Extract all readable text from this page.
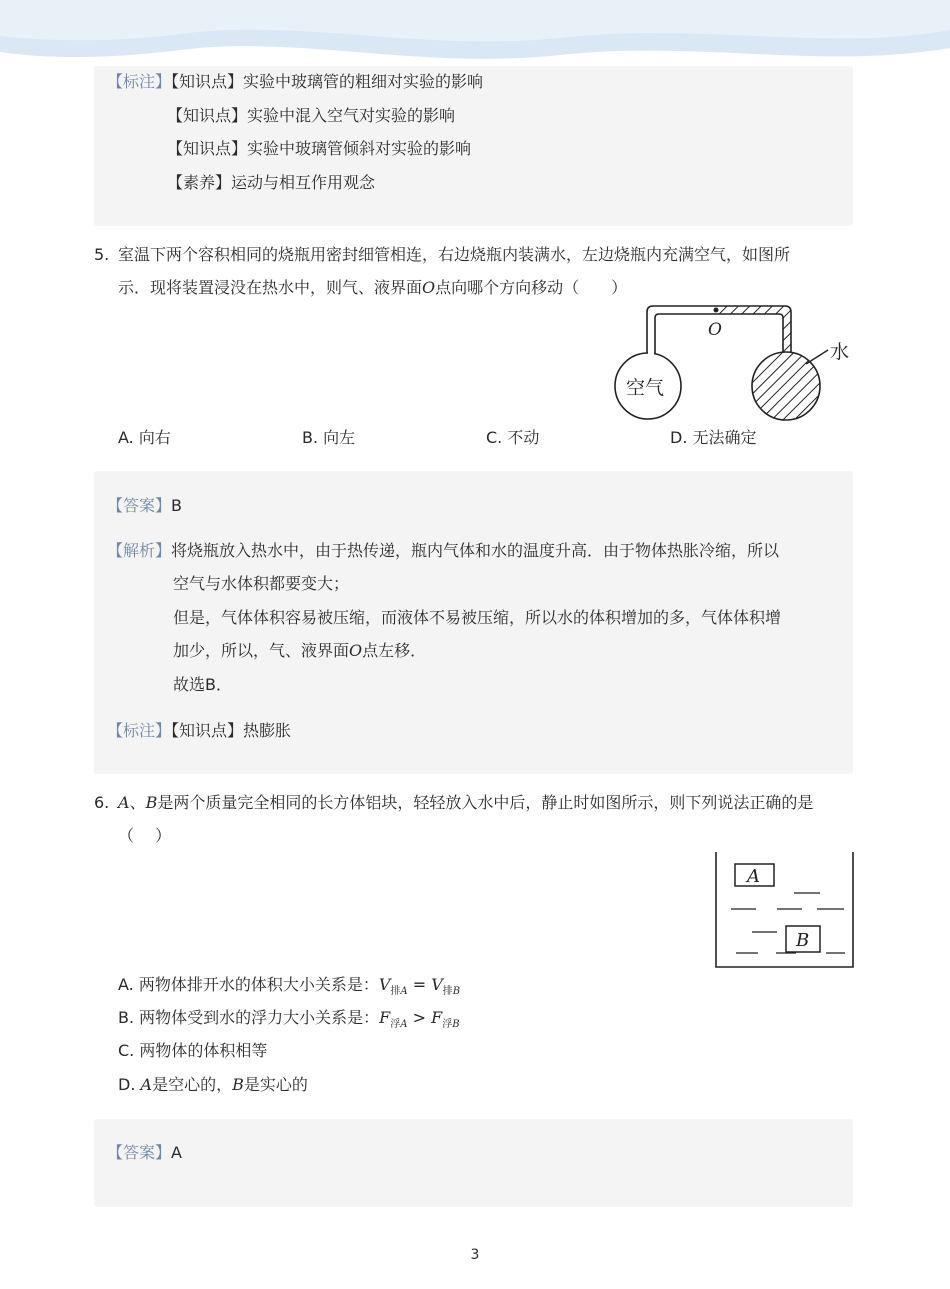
【标注】【知识点】实验中玻璃管的粗细对实验的影响
【知识点】实验中混入空气对实验的影响
【知识点】实验中玻璃管倾斜对实验的影响
【素养】运动与相互作用观念
5. 室温下两个容积相同的烧瓶用密封细管相连，右边烧瓶内装满水，左边烧瓶内充满空气，如图所
示．现将装置浸没在热水中，则气、液界面O点向哪个方向移动（　　）
O
空气
水
A. 向右	B. 向左	C. 不动	D. 无法确定
【答案】B
【解析】将烧瓶放入热水中，由于热传递，瓶内气体和水的温度升高．由于物体热胀冷缩，所以
空气与水体积都要变大；
但是，气体体积容易被压缩，而液体不易被压缩，所以水的体积增加的多，气体体积增
加少，所以，气、液界面O点左移．
故选B．
【标注】【知识点】热膨胀
6. A、B是两个质量完全相同的长方体铝块，轻轻放入水中后，静止时如图所示，则下列说法正确的是
（　 ）
A
B
A. 两物体排开水的体积大小关系是：$V_{排A} = V_{排B}$
B. 两物体受到水的浮力大小关系是：$F_{浮A} > F_{浮B}$
C. 两物体的体积相等
D. A是空心的，B是实心的
【答案】A
3
